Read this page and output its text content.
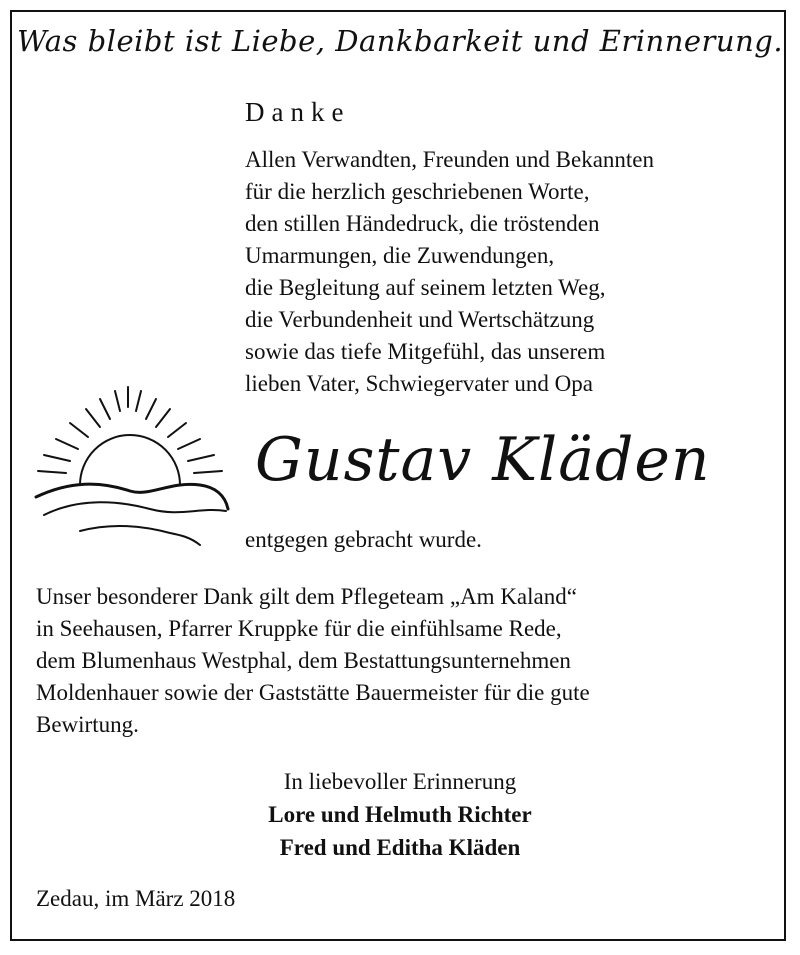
Was bleibt ist Liebe, Dankbarkeit und Erinnerung.
Danke
Allen Verwandten, Freunden und Bekannten
für die herzlich geschriebenen Worte,
den stillen Händedruck, die tröstenden
Umarmungen, die Zuwendungen,
die Begleitung auf seinem letzten Weg,
die Verbundenheit und Wertschätzung
sowie das tiefe Mitgefühl, das unserem
lieben Vater, Schwiegervater und Opa
Gustav Kläden
entgegen gebracht wurde.
Unser besonderer Dank gilt dem Pflegeteam „Am Kaland“
in Seehausen, Pfarrer Kruppke für die einfühlsame Rede,
dem Blumenhaus Westphal, dem Bestattungsunternehmen
Moldenhauer sowie der Gaststätte Bauermeister für die gute
Bewirtung.
In liebevoller Erinnerung
Lore und Helmuth Richter
Fred und Editha Kläden
Zedau, im März 2018
